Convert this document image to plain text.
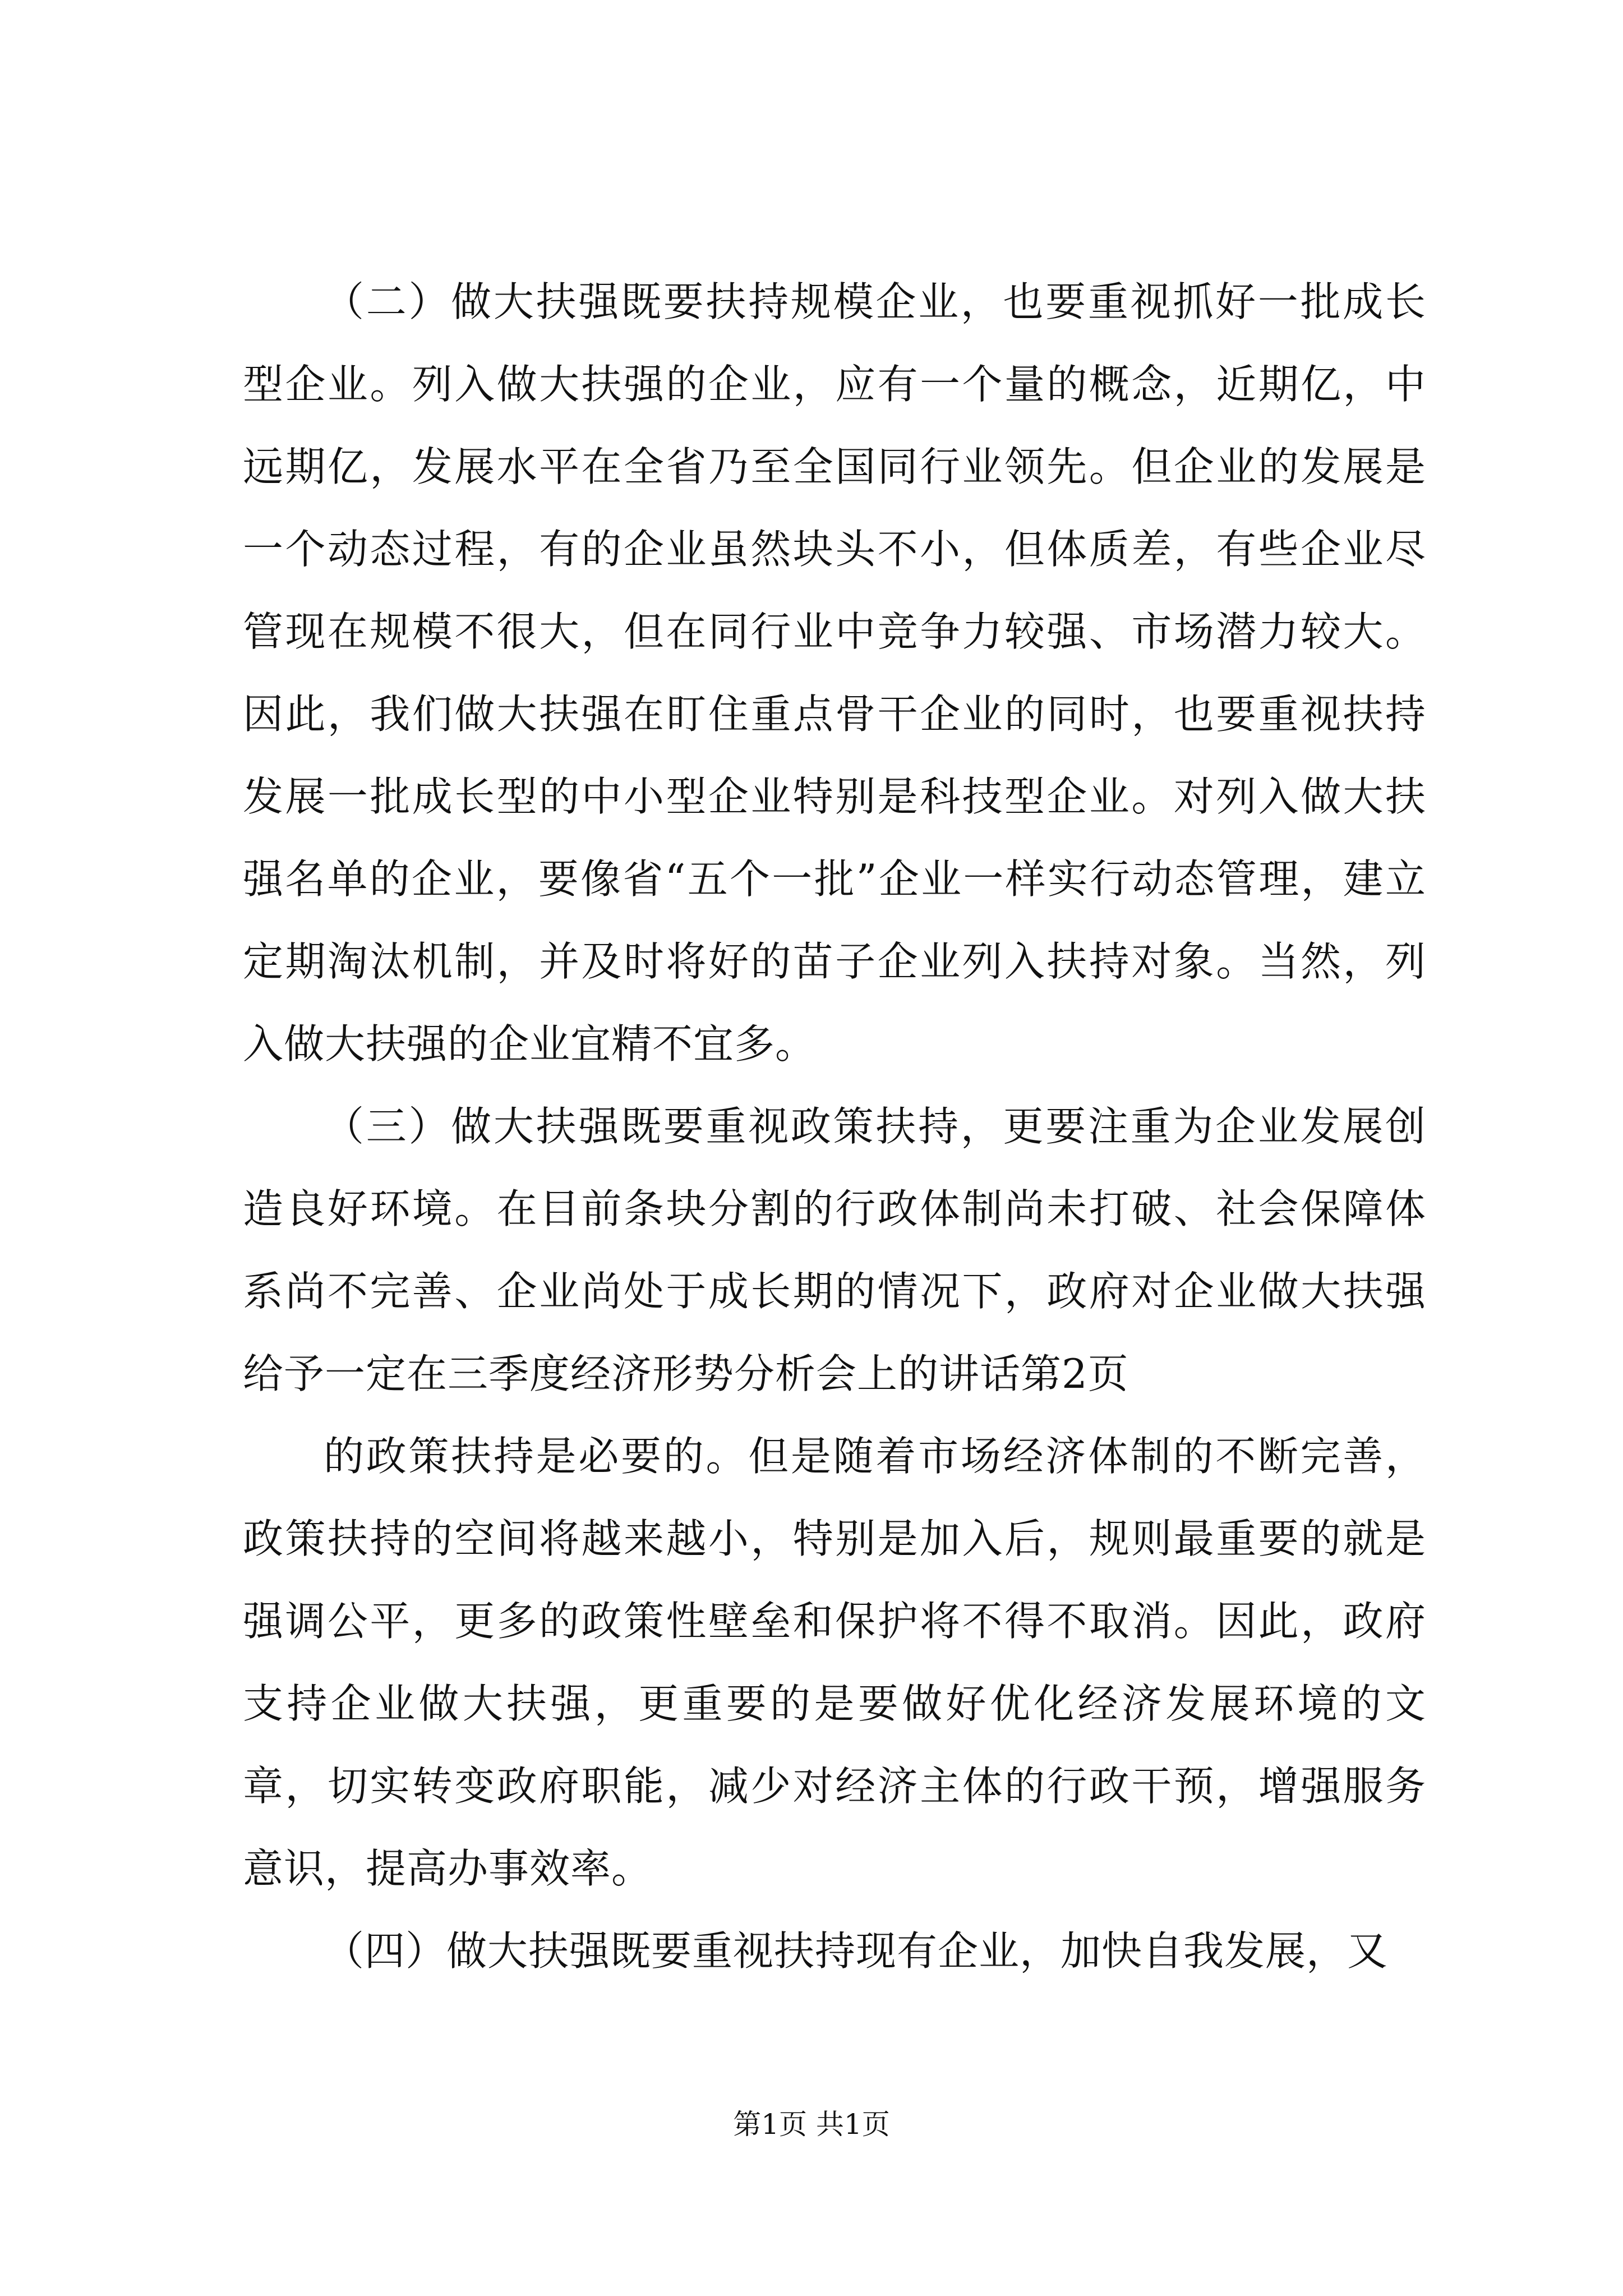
（二）做大扶强既要扶持规模企业，也要重视抓好一批成长型企业。列入做大扶强的企业，应有一个量的概念，近期亿，中远期亿，发展水平在全省乃至全国同行业领先。但企业的发展是一个动态过程，有的企业虽然块头不小，但体质差，有些企业尽管现在规模不很大，但在同行业中竞争力较强、市场潜力较大。因此，我们做大扶强在盯住重点骨干企业的同时，也要重视扶持发展一批成长型的中小型企业特别是科技型企业。对列入做大扶强名单的企业，要像省“五个一批”企业一样实行动态管理，建立定期淘汰机制，并及时将好的苗子企业列入扶持对象。当然，列入做大扶强的企业宜精不宜多。

（三）做大扶强既要重视政策扶持，更要注重为企业发展创造良好环境。在目前条块分割的行政体制尚未打破、社会保障体系尚不完善、企业尚处于成长期的情况下，政府对企业做大扶强给予一定在三季度经济形势分析会上的讲话第2页

的政策扶持是必要的。但是随着市场经济体制的不断完善，政策扶持的空间将越来越小，特别是加入后，规则最重要的就是强调公平，更多的政策性壁垒和保护将不得不取消。因此，政府支持企业做大扶强，更重要的是要做好优化经济发展环境的文章，切实转变政府职能，减少对经济主体的行政干预，增强服务意识，提高办事效率。

（四）做大扶强既要重视扶持现有企业，加快自我发展，又

第1页 共1页
